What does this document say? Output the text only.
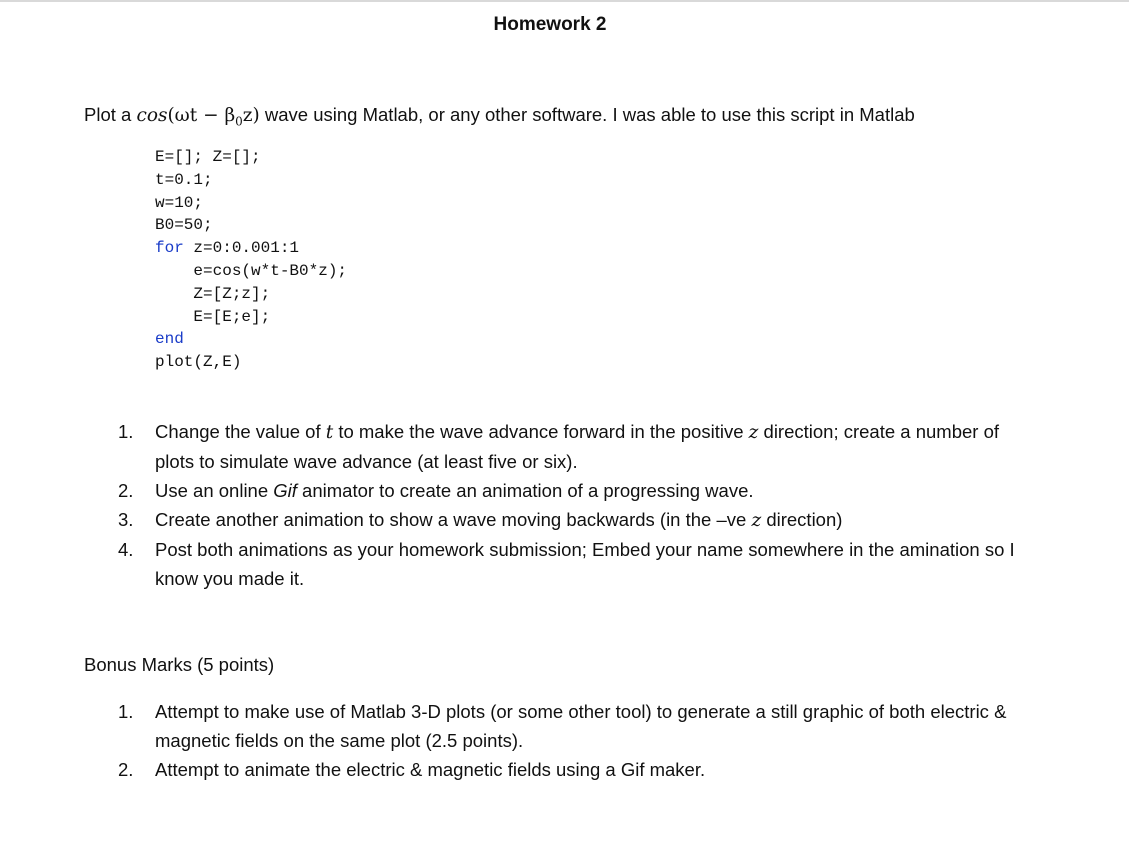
Homework 2
Plot a $\cos(\omega t - \beta_0z)$ wave using Matlab, or any other software. I was able to use this script in Matlab
E=[]; Z=[];
t=0.1;
w=10;
B0=50;
for z=0:0.001:1
e=cos(w*t-B0*z);
Z=[Z;z];
E=[E;e];
end
plot(Z,E)
1. Change the value of t to make the wave advance forward in the positive z direction; create a number of plots to simulate wave advance (at least five or six).
2. Use an online Gif animator to create an animation of a progressing wave.
3. Create another animation to show a wave moving backwards (in the –ve z direction)
4. Post both animations as your homework submission; Embed your name somewhere in the amination so I know you made it.
Bonus Marks (5 points)
1. Attempt to make use of Matlab 3-D plots (or some other tool) to generate a still graphic of both electric & magnetic fields on the same plot (2.5 points).
2. Attempt to animate the electric & magnetic fields using a Gif maker.
